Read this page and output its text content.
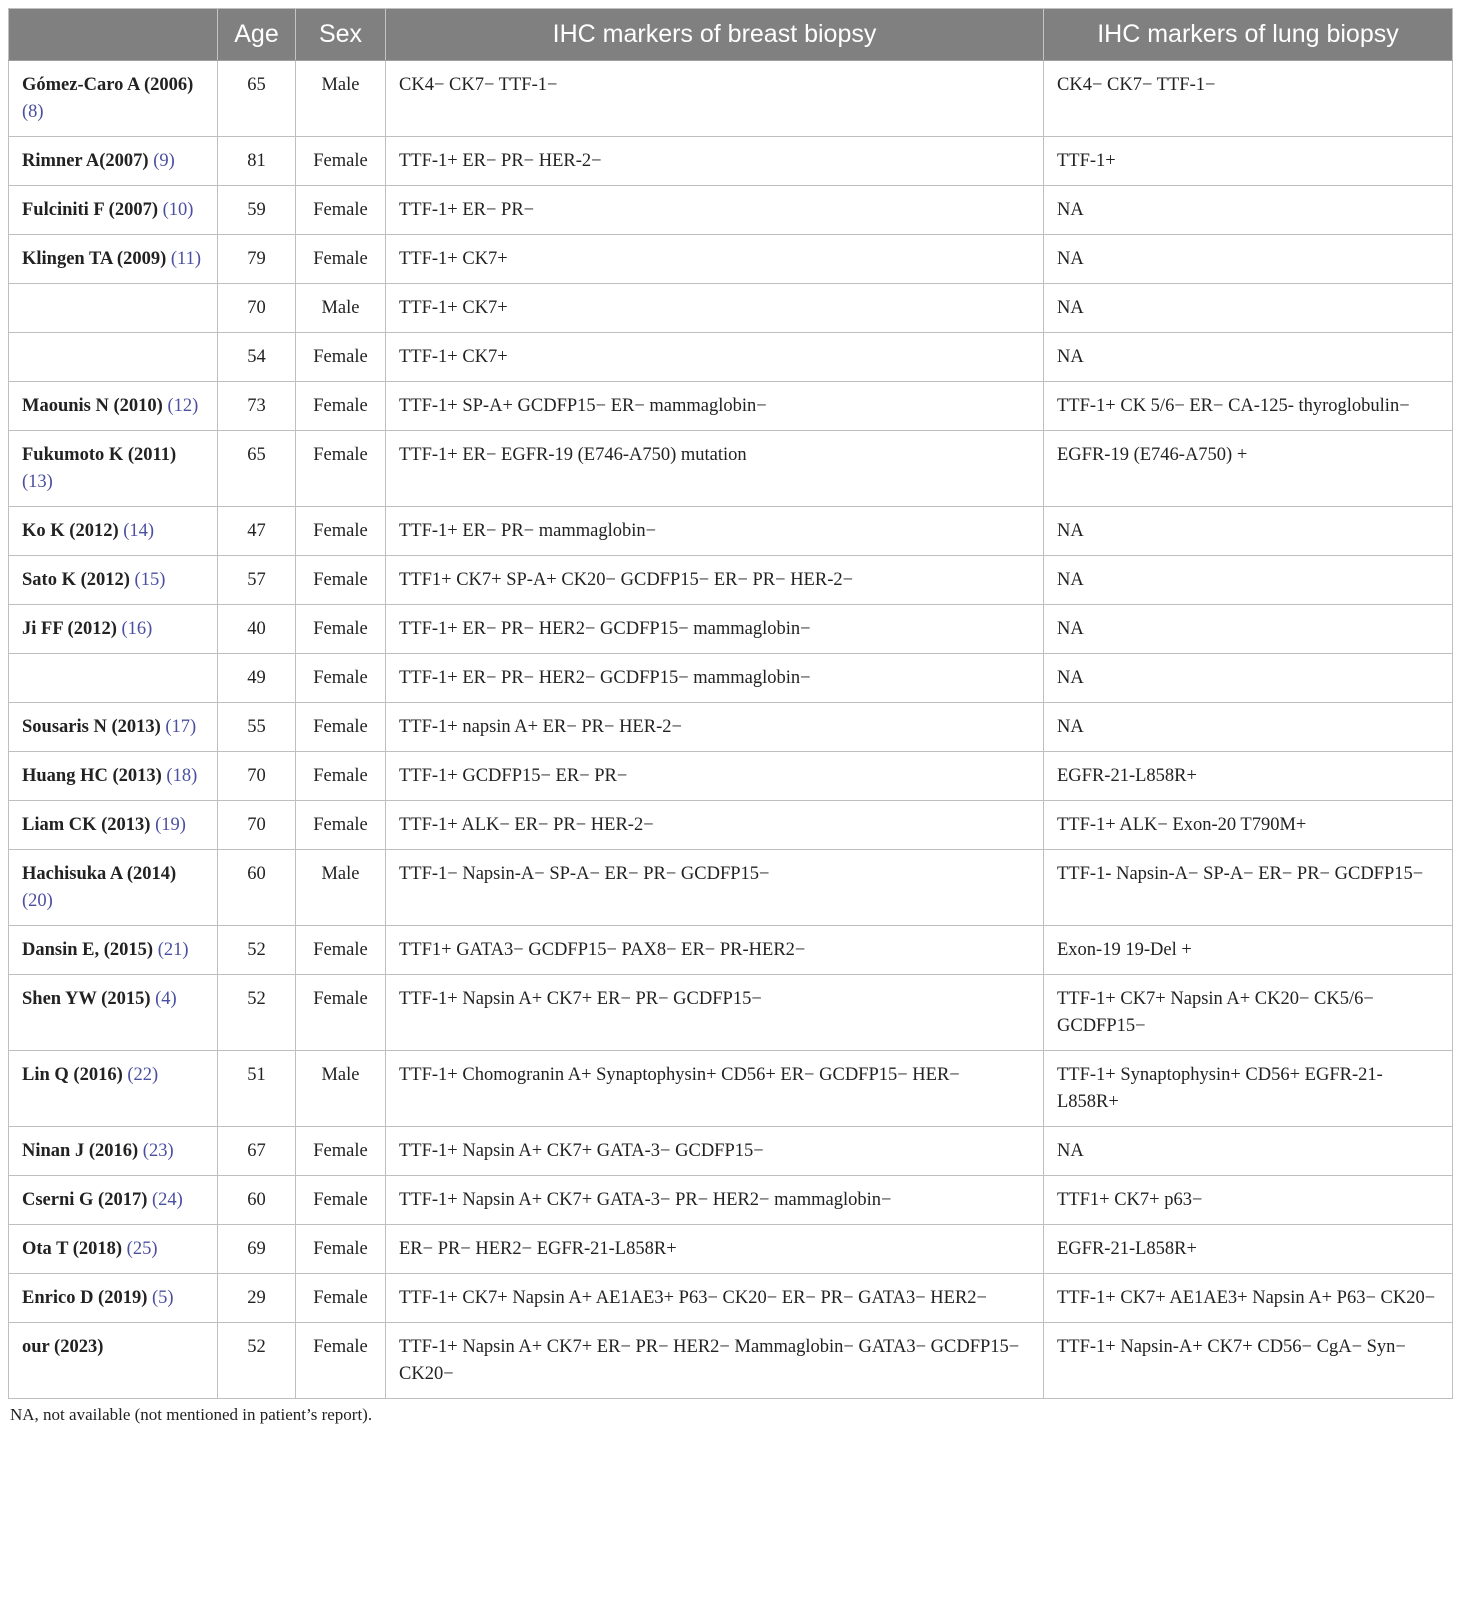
	Age	Sex	IHC markers of breast biopsy	IHC markers of lung biopsy
Gómez-Caro A (2006) (8)	65	Male	CK4− CK7− TTF-1−	CK4− CK7− TTF-1−
Rimner A(2007) (9)	81	Female	TTF-1+ ER− PR− HER-2−	TTF-1+
Fulciniti F (2007) (10)	59	Female	TTF-1+ ER− PR−	NA
Klingen TA (2009) (11)	79	Female	TTF-1+ CK7+	NA
	70	Male	TTF-1+ CK7+	NA
	54	Female	TTF-1+ CK7+	NA
Maounis N (2010) (12)	73	Female	TTF-1+ SP-A+ GCDFP15− ER− mammaglobin−	TTF-1+ CK 5/6− ER− CA-125- thyroglobulin−
Fukumoto K (2011) (13)	65	Female	TTF-1+ ER− EGFR-19 (E746-A750) mutation	EGFR-19 (E746-A750) +
Ko K (2012) (14)	47	Female	TTF-1+ ER− PR− mammaglobin−	NA
Sato K (2012) (15)	57	Female	TTF1+ CK7+ SP-A+ CK20− GCDFP15− ER− PR− HER-2−	NA
Ji FF (2012) (16)	40	Female	TTF-1+ ER− PR− HER2− GCDFP15− mammaglobin−	NA
	49	Female	TTF-1+ ER− PR− HER2− GCDFP15− mammaglobin−	NA
Sousaris N (2013) (17)	55	Female	TTF-1+ napsin A+ ER− PR− HER-2−	NA
Huang HC (2013) (18)	70	Female	TTF-1+ GCDFP15− ER− PR−	EGFR-21-L858R+
Liam CK (2013) (19)	70	Female	TTF-1+ ALK− ER− PR− HER-2−	TTF-1+ ALK− Exon-20 T790M+
Hachisuka A (2014) (20)	60	Male	TTF-1− Napsin-A− SP-A− ER− PR− GCDFP15−	TTF-1- Napsin-A− SP-A− ER− PR− GCDFP15−
Dansin E, (2015) (21)	52	Female	TTF1+ GATA3− GCDFP15− PAX8− ER− PR-HER2−	Exon-19 19-Del +
Shen YW (2015) (4)	52	Female	TTF-1+ Napsin A+ CK7+ ER− PR− GCDFP15−	TTF-1+ CK7+ Napsin A+ CK20− CK5/6− GCDFP15−
Lin Q (2016) (22)	51	Male	TTF-1+ Chomogranin A+ Synaptophysin+ CD56+ ER− GCDFP15− HER−	TTF-1+ Synaptophysin+ CD56+ EGFR-21-L858R+
Ninan J (2016) (23)	67	Female	TTF-1+ Napsin A+ CK7+ GATA-3− GCDFP15−	NA
Cserni G (2017) (24)	60	Female	TTF-1+ Napsin A+ CK7+ GATA-3− PR− HER2− mammaglobin−	TTF1+ CK7+ p63−
Ota T (2018) (25)	69	Female	ER− PR− HER2− EGFR-21-L858R+	EGFR-21-L858R+
Enrico D (2019) (5)	29	Female	TTF-1+ CK7+ Napsin A+ AE1AE3+ P63− CK20− ER− PR− GATA3− HER2−	TTF-1+ CK7+ AE1AE3+ Napsin A+ P63− CK20−
our (2023)	52	Female	TTF-1+ Napsin A+ CK7+ ER− PR− HER2− Mammaglobin− GATA3− GCDFP15− CK20−	TTF-1+ Napsin-A+ CK7+ CD56− CgA− Syn−
NA, not available (not mentioned in patient’s report).
